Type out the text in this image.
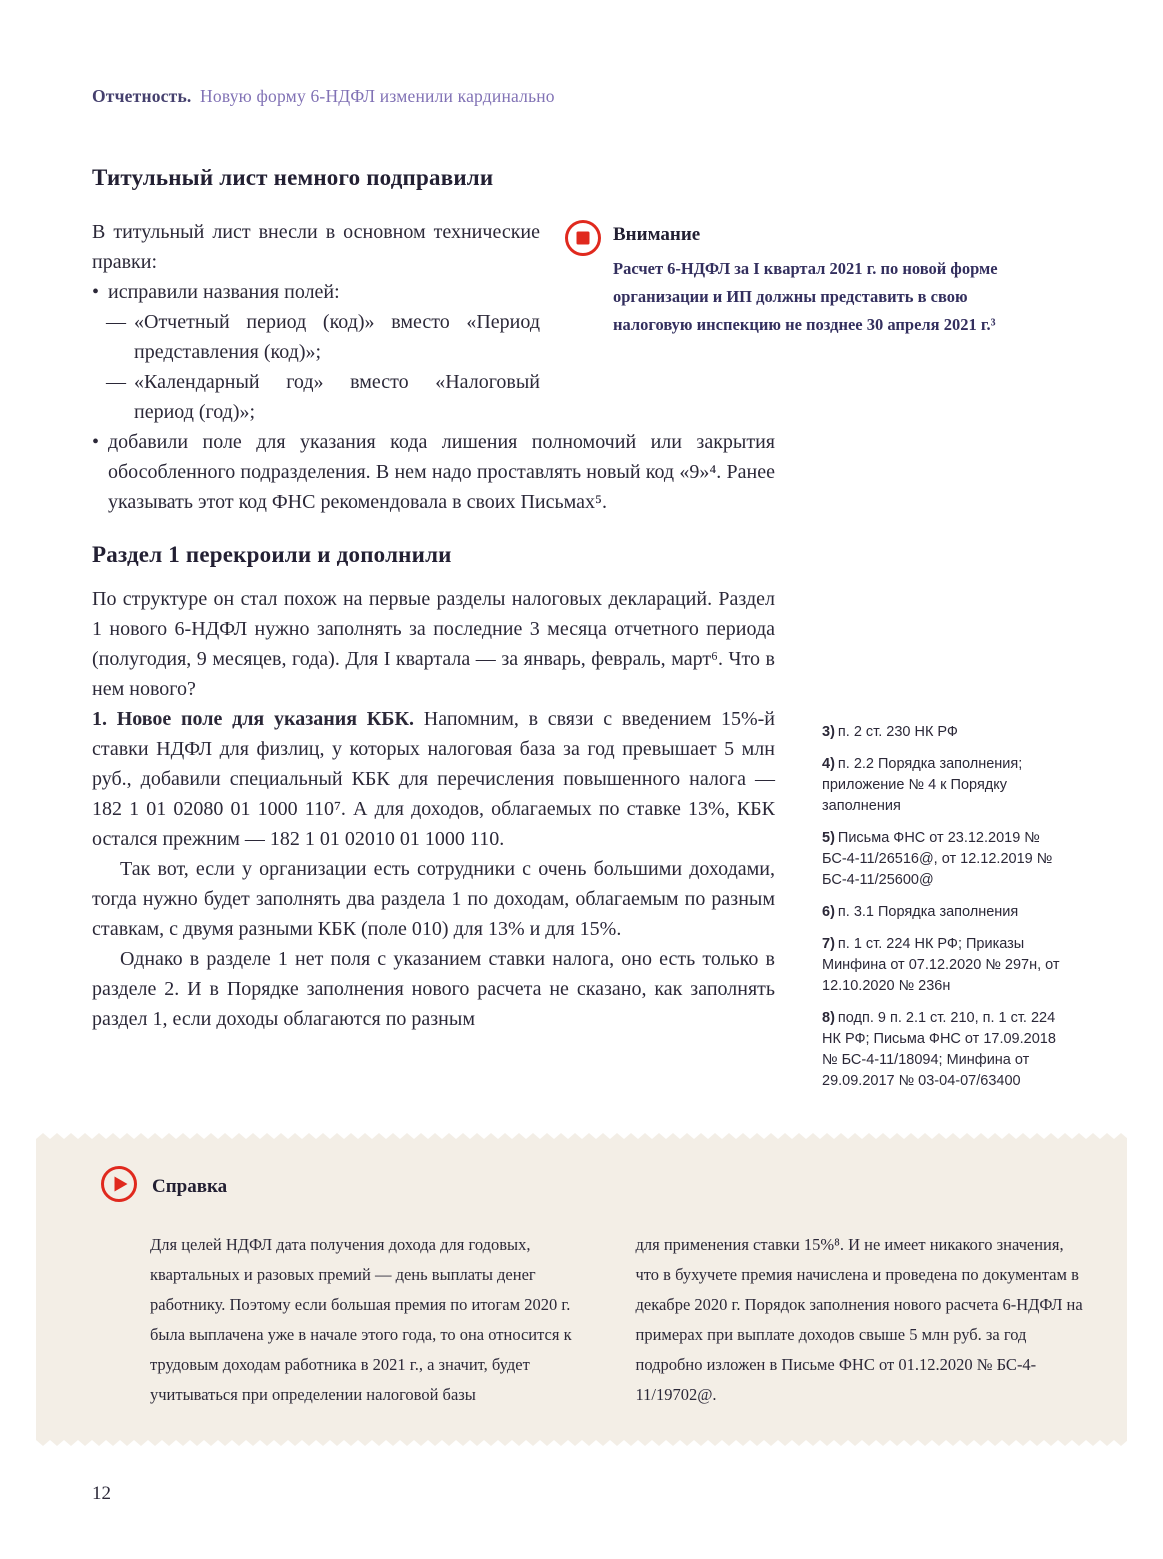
Отчетность. Новую форму 6-НДФЛ изменили кардинально
Титульный лист немного подправили

В титульный лист внесли в основном технические правки:

• исправили названия полей:
— «Отчетный период (код)» вместо «Период представления (код)»;
— «Календарный год» вместо «Налоговый период (год)»;
Внимание

Расчет 6-НДФЛ за I квартал 2021 г. по новой форме организации и ИП должны представить в свою налоговую инспекцию не позднее 30 апреля 2021 г.³

• добавили поле для указания кода лишения полномочий или закрытия обособленного подразделения. В нем надо проставлять новый код «9»⁴. Ранее указывать этот код ФНС рекомендовала в своих Письмах⁵.
Раздел 1 перекроили и дополнили

По структуре он стал похож на первые разделы налоговых деклараций. Раздел 1 нового 6-НДФЛ нужно заполнять за последние 3 месяца отчетного периода (полугодия, 9 месяцев, года). Для I квартала — за январь, февраль, март⁶. Что в нем нового?

1. Новое поле для указания КБК. Напомним, в связи с введением 15%-й ставки НДФЛ для физлиц, у которых налоговая база за год превышает 5 млн руб., добавили специальный КБК для перечисления повышенного налога — 182 1 01 02080 01 1000 110⁷. А для доходов, облагаемых по ставке 13%, КБК остался прежним — 182 1 01 02010 01 1000 110.

Так вот, если у организации есть сотрудники с очень большими доходами, тогда нужно будет заполнять два раздела 1 по доходам, облагаемым по разным ставкам, с двумя разными КБК (поле 010) для 13% и для 15%.

Однако в разделе 1 нет поля с указанием ставки налога, оно есть только в разделе 2. И в Порядке заполнения нового расчета не сказано, как заполнять раздел 1, если доходы облагаются по разным

3) п. 2 ст. 230 НК РФ
4) п. 2.2 Порядка заполнения; приложение № 4 к Порядку заполнения
5) Письма ФНС от 23.12.2019 № БС-4-11/26516@, от 12.12.2019 № БС-4-11/25600@
6) п. 3.1 Порядка заполнения
7) п. 1 ст. 224 НК РФ; Приказы Минфина от 07.12.2020 № 297н, от 12.10.2020 № 236н
8) подп. 9 п. 2.1 ст. 210, п. 1 ст. 224 НК РФ; Письма ФНС от 17.09.2018 № БС-4-11/18094; Минфина от 29.09.2017 № 03-04-07/63400
Справка

Для целей НДФЛ дата получения дохода для годовых, квартальных и разовых премий — день выплаты денег работнику. Поэтому если большая премия по итогам 2020 г. была выплачена уже в начале этого года, то она относится к трудовым доходам работника в 2021 г., а значит, будет учитываться при определении налоговой базы

для применения ставки 15%⁸. И не имеет никакого значения, что в бухучете премия начислена и проведена по документам в декабре 2020 г. Порядок заполнения нового расчета 6-НДФЛ на примерах при выплате доходов свыше 5 млн руб. за год подробно изложен в Письме ФНС от 01.12.2020 № БС-4-11/19702@.

12
